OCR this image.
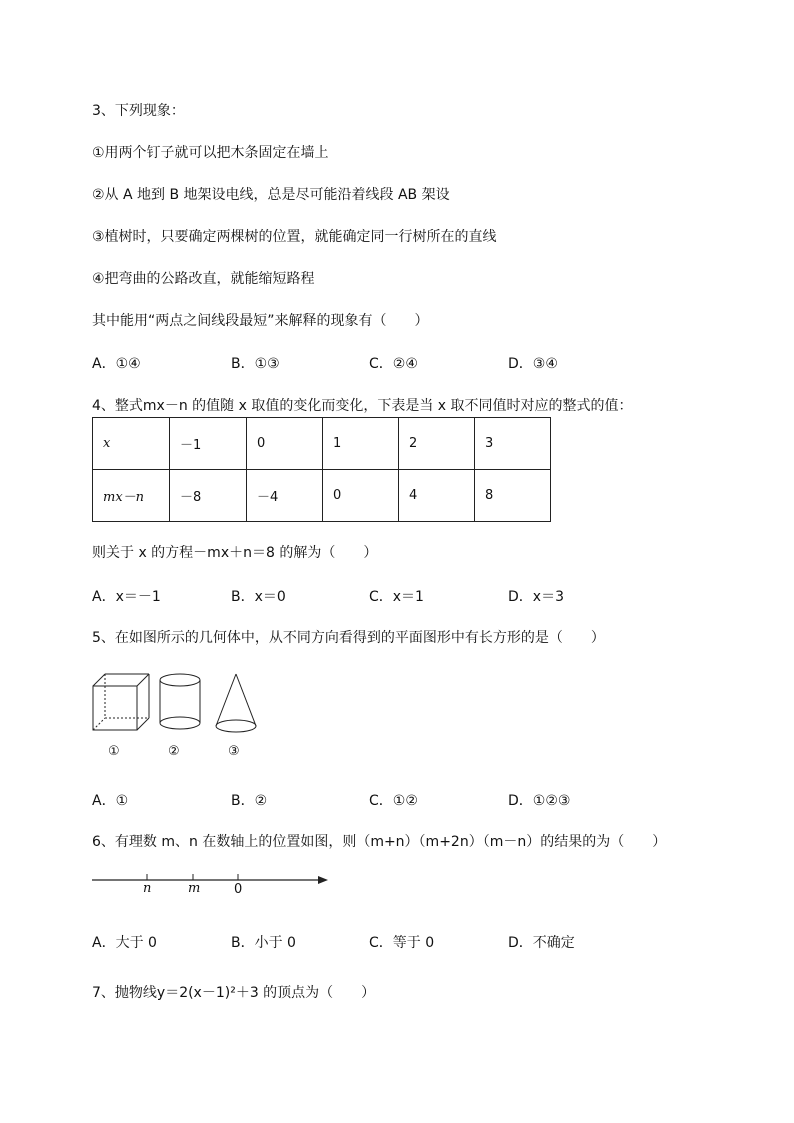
3、下列现象：
①用两个钉子就可以把木条固定在墙上
②从 A 地到 B 地架设电线，总是尽可能沿着线段 AB 架设
③植树时，只要确定两棵树的位置，就能确定同一行树所在的直线
④把弯曲的公路改直，就能缩短路程
其中能用“两点之间线段最短”来解释的现象有（　　）
A．①④	B．①③	C．②④	D．③④
4、整式mx－n 的值随 x 取值的变化而变化，下表是当 x 取不同值时对应的整式的值：
x	－1	0	1	2	3
mx－n	－8	－4	0	4	8
则关于 x 的方程－mx＋n＝8 的解为（　　）
A．x＝－1	B．x＝0	C．x＝1	D．x＝3
5、在如图所示的几何体中，从不同方向看得到的平面图形中有长方形的是（　　）
①	②	③
A．①	B．②	C．①②	D．①②③
6、有理数 m、n 在数轴上的位置如图，则（m+n）（m+2n）（m－n）的结果的为（　　）
n	m	0
A．大于 0	B．小于 0	C．等于 0	D．不确定
7、抛物线y＝2(x－1)²＋3 的顶点为（　　）
